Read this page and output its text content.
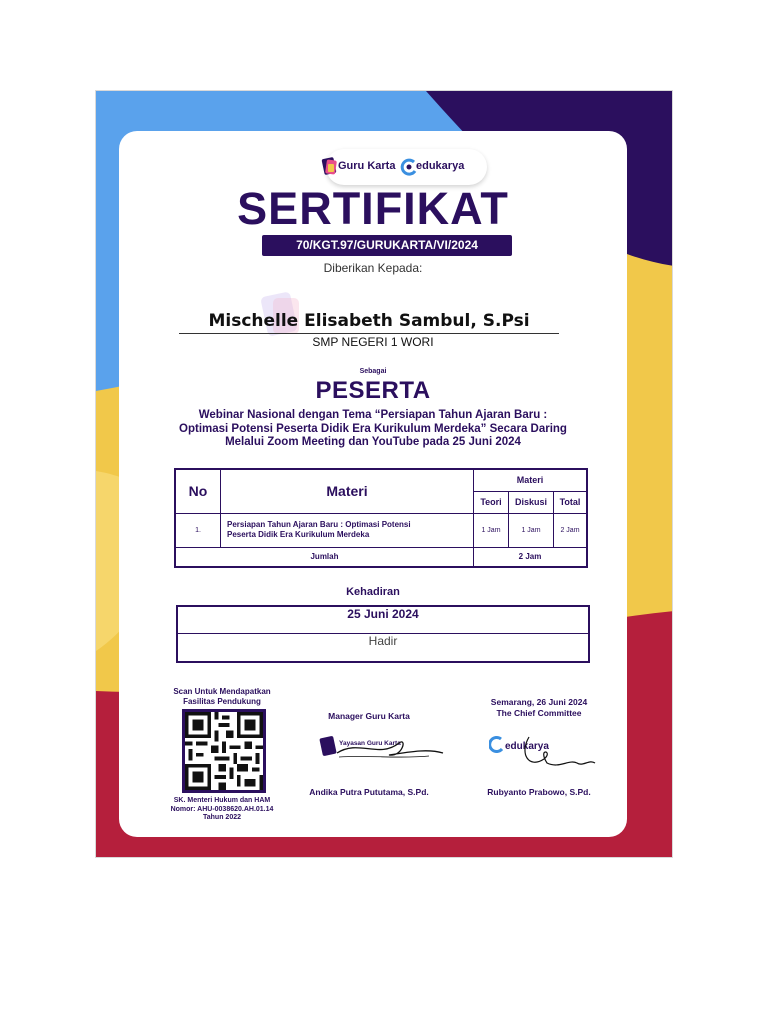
Guru Karta edukarya
SERTIFIKAT
70/KGT.97/GURUKARTA/VI/2024
Diberikan Kepada:
Mischelle Elisabeth Sambul, S.Psi
SMP NEGERI 1 WORI
Sebagai
PESERTA
Webinar Nasional dengan Tema “Persiapan Tahun Ajaran Baru :
Optimasi Potensi Peserta Didik Era Kurikulum Merdeka” Secara Daring
Melalui Zoom Meeting dan YouTube pada 25 Juni 2024
No	Materi	Materi		
		Teori	Diskusi	Total
1.	Persiapan Tahun Ajaran Baru : Optimasi Potensi
Peserta Didik Era Kurikulum Merdeka	1 Jam	1 Jam	2 Jam
Jumlah		2 Jam		
Kehadiran
25 Juni 2024
Hadir
Scan Untuk Mendapatkan
Fasilitas Pendukung
SK. Menteri Hukum dan HAM
Nomor: AHU-0038620.AH.01.14
Tahun 2022
Manager Guru Karta
Yayasan Guru Karta
Andika Putra Pututama, S.Pd.
Semarang, 26 Juni 2024
The Chief Committee
edukarya
Rubyanto Prabowo, S.Pd.
